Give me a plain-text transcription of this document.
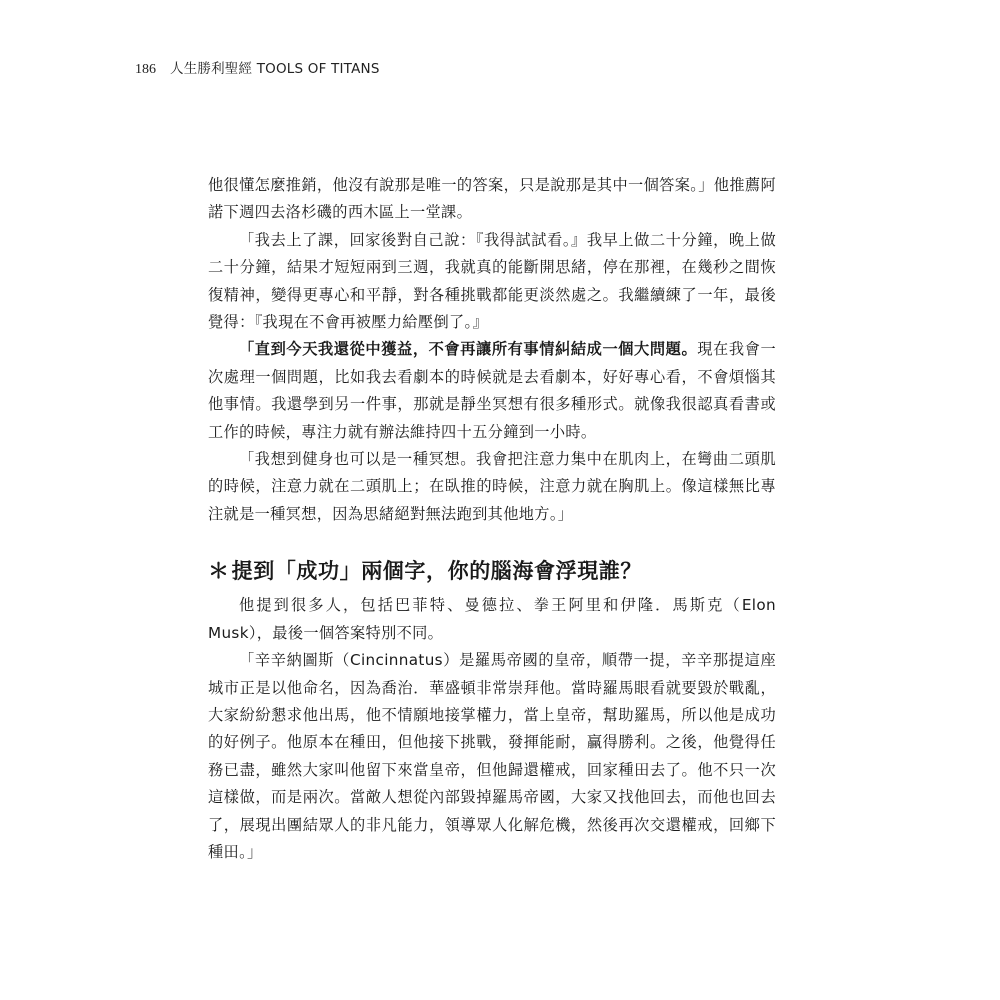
186 人生勝利聖經 TOOLS OF TITANS

他很懂怎麼推銷，他沒有說那是唯一的答案，只是說那是其中一個答案。」他推薦阿諾下週四去洛杉磯的西木區上一堂課。

「我去上了課，回家後對自己說：『我得試試看。』我早上做二十分鐘，晚上做二十分鐘，結果才短短兩到三週，我就真的能斷開思緒，停在那裡，在幾秒之間恢復精神，變得更專心和平靜，對各種挑戰都能更淡然處之。我繼續練了一年，最後覺得：『我現在不會再被壓力給壓倒了。』

「直到今天我還從中獲益，不會再讓所有事情糾結成一個大問題。現在我會一次處理一個問題，比如我去看劇本的時候就是去看劇本，好好專心看，不會煩惱其他事情。我還學到另一件事，那就是靜坐冥想有很多種形式。就像我很認真看書或工作的時候，專注力就有辦法維持四十五分鐘到一小時。

「我想到健身也可以是一種冥想。我會把注意力集中在肌肉上，在彎曲二頭肌的時候，注意力就在二頭肌上；在臥推的時候，注意力就在胸肌上。像這樣無比專注就是一種冥想，因為思緒絕對無法跑到其他地方。」

＊提到「成功」兩個字，你的腦海會浮現誰？

他提到很多人，包括巴菲特、曼德拉、拳王阿里和伊隆．馬斯克（Elon Musk），最後一個答案特別不同。

「辛辛納圖斯（Cincinnatus）是羅馬帝國的皇帝，順帶一提，辛辛那提這座城市正是以他命名，因為喬治．華盛頓非常崇拜他。當時羅馬眼看就要毀於戰亂，大家紛紛懇求他出馬，他不情願地接掌權力，當上皇帝，幫助羅馬，所以他是成功的好例子。他原本在種田，但他接下挑戰，發揮能耐，贏得勝利。之後，他覺得任務已盡，雖然大家叫他留下來當皇帝，但他歸還權戒，回家種田去了。他不只一次這樣做，而是兩次。當敵人想從內部毀掉羅馬帝國，大家又找他回去，而他也回去了，展現出團結眾人的非凡能力，領導眾人化解危機，然後再次交還權戒，回鄉下種田。」
